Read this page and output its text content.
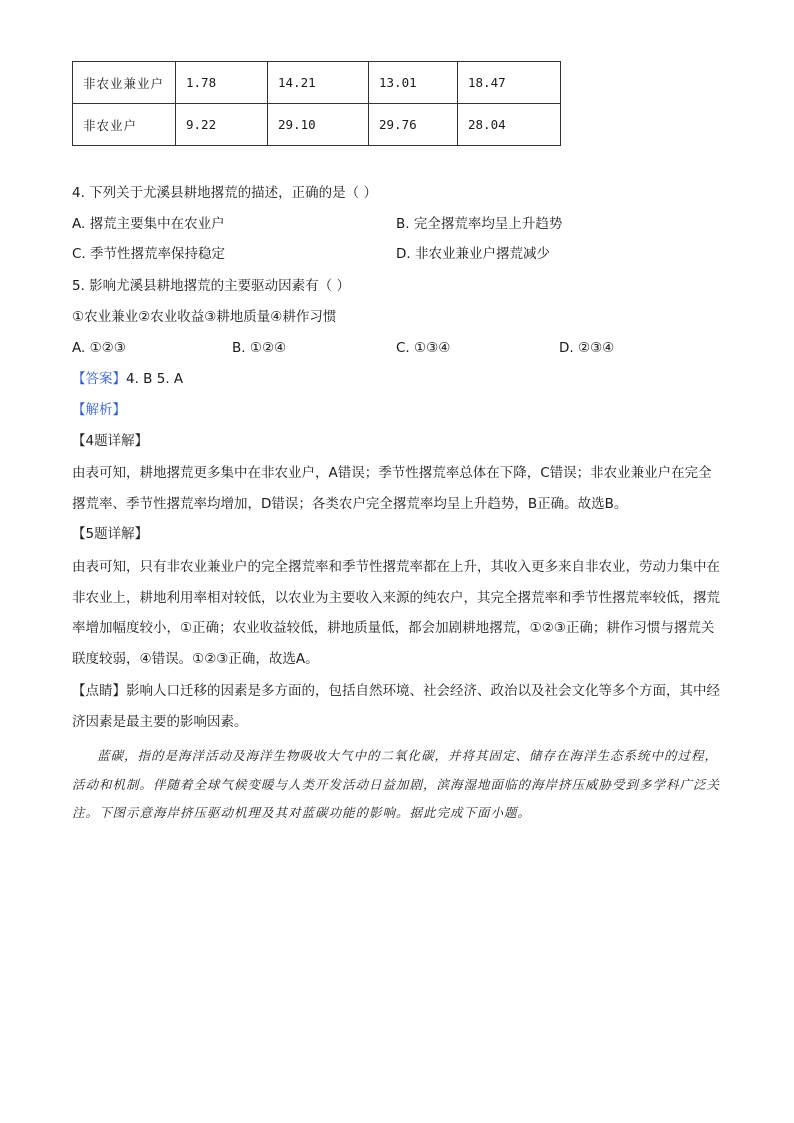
非农业兼业户	1.78	14.21	13.01	18.47
非农业户	9.22	29.10	29.76	28.04
4. 下列关于尤溪县耕地撂荒的描述，正确的是（ ）
A. 撂荒主要集中在农业户	B. 完全撂荒率均呈上升趋势
C. 季节性撂荒率保持稳定	D. 非农业兼业户撂荒减少
5. 影响尤溪县耕地撂荒的主要驱动因素有（ ）
①农业兼业②农业收益③耕地质量④耕作习惯
A. ①②③	B. ①②④	C. ①③④	D. ②③④
【答案】4. B 5. A
【解析】
【4题详解】

由表可知，耕地撂荒更多集中在非农业户，A错误；季节性撂荒率总体在下降，C错误；非农业兼业户在完全撂荒率、季节性撂荒率均增加，D错误；各类农户完全撂荒率均呈上升趋势，B正确。故选B。

【5题详解】

由表可知，只有非农业兼业户的完全撂荒率和季节性撂荒率都在上升，其收入更多来自非农业，劳动力集中在非农业上，耕地利用率相对较低，以农业为主要收入来源的纯农户，其完全撂荒率和季节性撂荒率较低，撂荒率增加幅度较小，①正确；农业收益较低，耕地质量低，都会加剧耕地撂荒，①②③正确；耕作习惯与撂荒关联度较弱，④错误。①②③正确，故选A。

【点睛】影响人口迁移的因素是多方面的，包括自然环境、社会经济、政治以及社会文化等多个方面，其中经济因素是最主要的影响因素。

蓝碳，指的是海洋活动及海洋生物吸收大气中的二氧化碳，并将其固定、储存在海洋生态系统中的过程，活动和机制。伴随着全球气候变暖与人类开发活动日益加剧，滨海湿地面临的海岸挤压威胁受到多学科广泛关注。下图示意海岸挤压驱动机理及其对蓝碳功能的影响。据此完成下面小题。
